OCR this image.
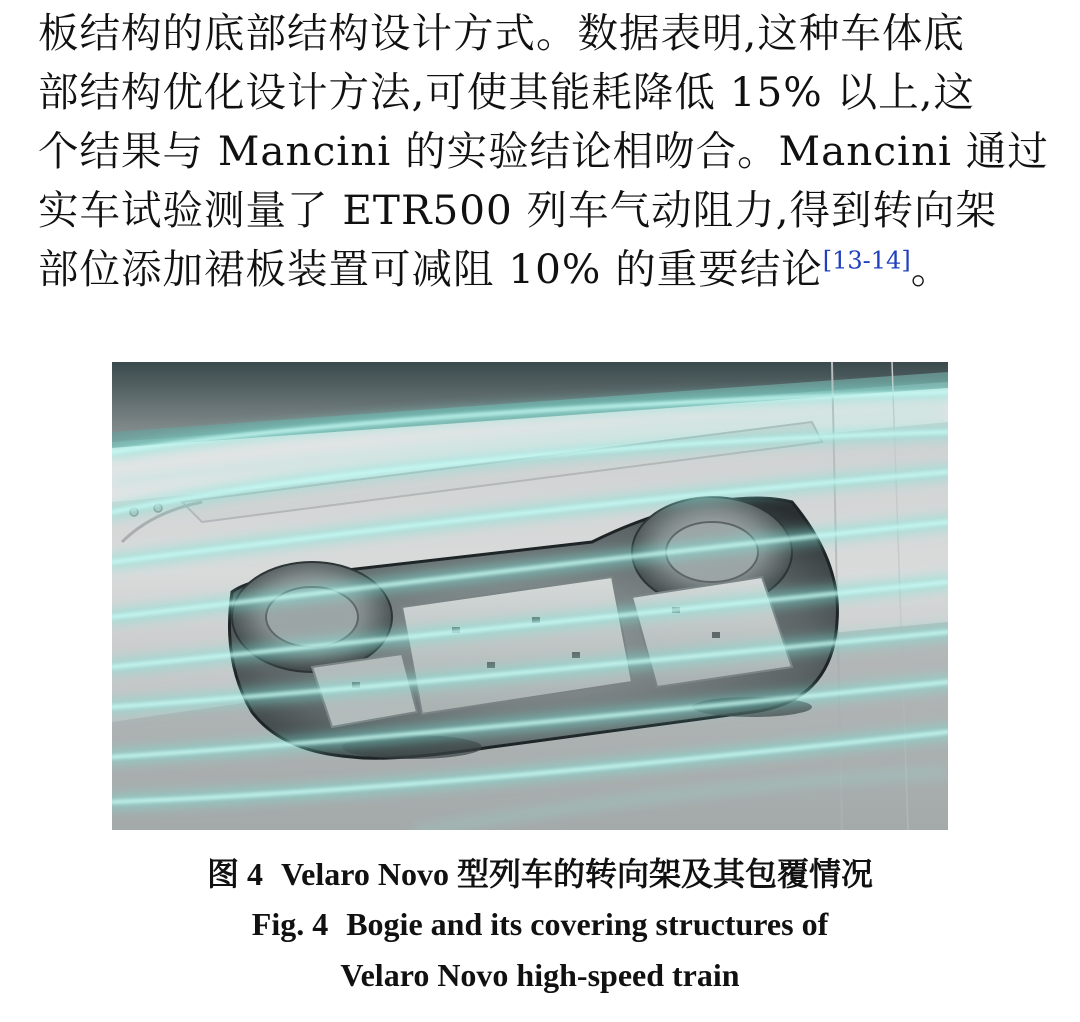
板结构的底部结构设计方式。数据表明,这种车体底
部结构优化设计方法,可使其能耗降低 15% 以上,这
个结果与 Mancini 的实验结论相吻合。Mancini 通过
实车试验测量了 ETR500 列车气动阻力,得到转向架
部位添加裙板装置可减阻 10% 的重要结论[13-14]。
图 4 Velaro Novo 型列车的转向架及其包覆情况
Fig. 4 Bogie and its covering structures of
Velaro Novo high-speed train
